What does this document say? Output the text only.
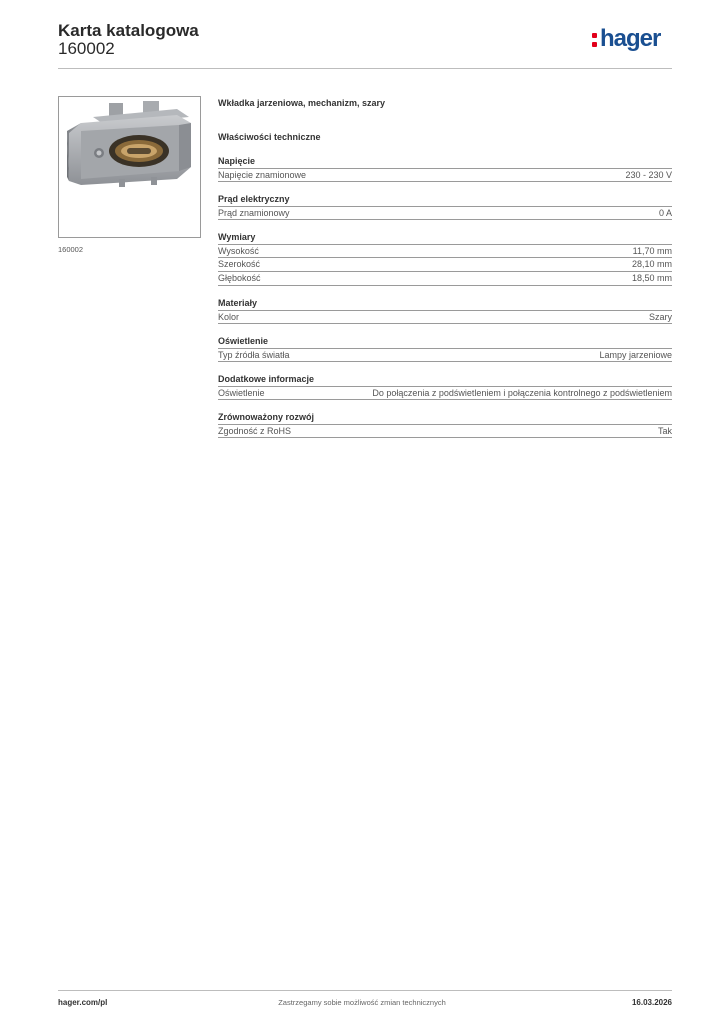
Karta katalogowa
160002	hager
160002
Wkładka jarzeniowa, mechanizm, szary
Właściwości techniczne
Napięcie
Napięcie znamionowe	230 - 230 V
Prąd elektryczny
Prąd znamionowy	0 A
Wymiary
Wysokość	11,70 mm
Szerokość	28,10 mm
Głębokość	18,50 mm
Materiały
Kolor	Szary
Oświetlenie
Typ źródła światła	Lampy jarzeniowe
Dodatkowe informacje
Oświetlenie	Do połączenia z podświetleniem i połączenia kontrolnego z podświetleniem
Zrównoważony rozwój
Zgodność z RoHS	Tak
hager.com/pl	Zastrzegamy sobie możliwość zmian technicznych	16.03.2026
